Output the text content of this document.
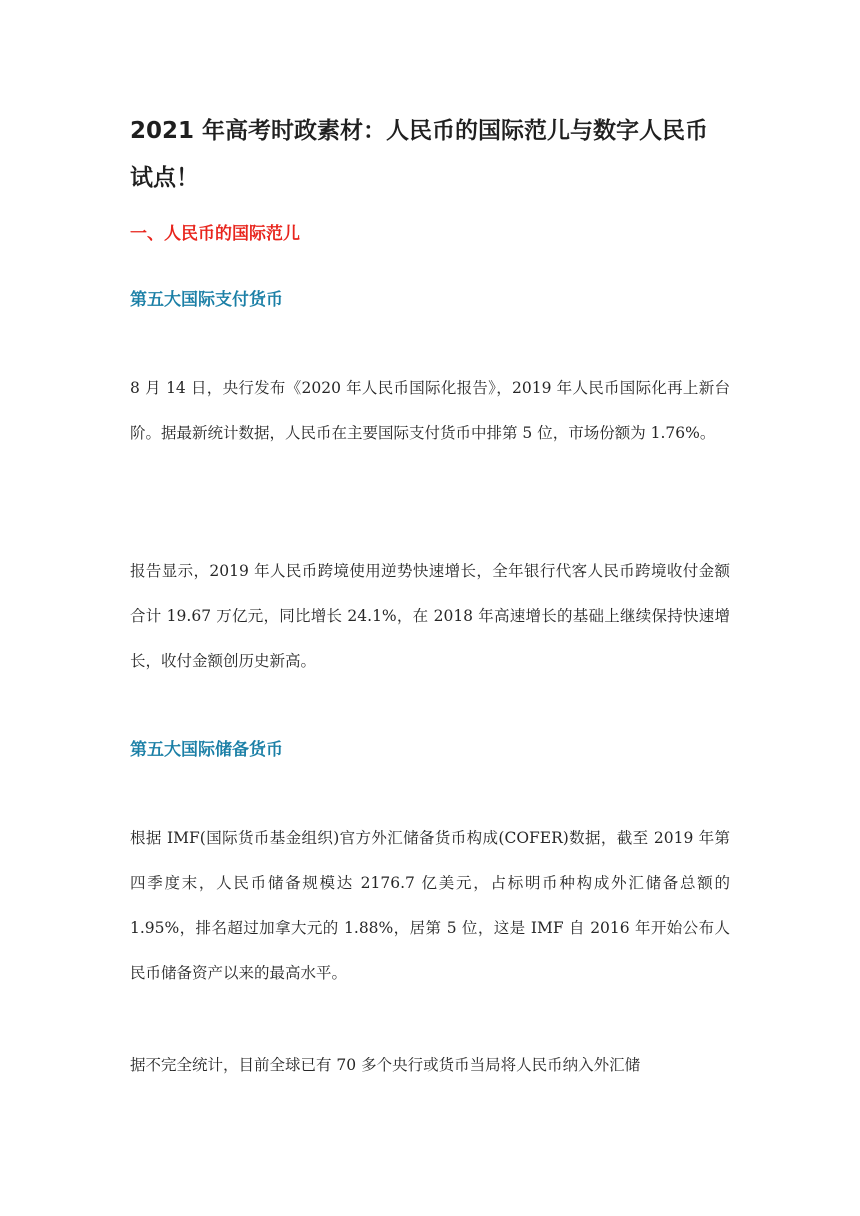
2021 年高考时政素材：人民币的国际范儿与数字人民币试点！
一、人民币的国际范儿
第五大国际支付货币

8 月 14 日，央行发布《2020 年人民币国际化报告》，2019 年人民币国际化再上新台阶。据最新统计数据，人民币在主要国际支付货币中排第 5 位，市场份额为 1.76%。

报告显示，2019 年人民币跨境使用逆势快速增长，全年银行代客人民币跨境收付金额合计 19.67 万亿元，同比增长 24.1%，在 2018 年高速增长的基础上继续保持快速增长，收付金额创历史新高。

第五大国际储备货币

根据 IMF(国际货币基金组织)官方外汇储备货币构成(COFER)数据，截至 2019 年第四季度末，人民币储备规模达 2176.7 亿美元，占标明币种构成外汇储备总额的 1.95%，排名超过加拿大元的 1.88%，居第 5 位，这是 IMF 自 2016 年开始公布人民币储备资产以来的最高水平。

据不完全统计，目前全球已有 70 多个央行或货币当局将人民币纳入外汇储
